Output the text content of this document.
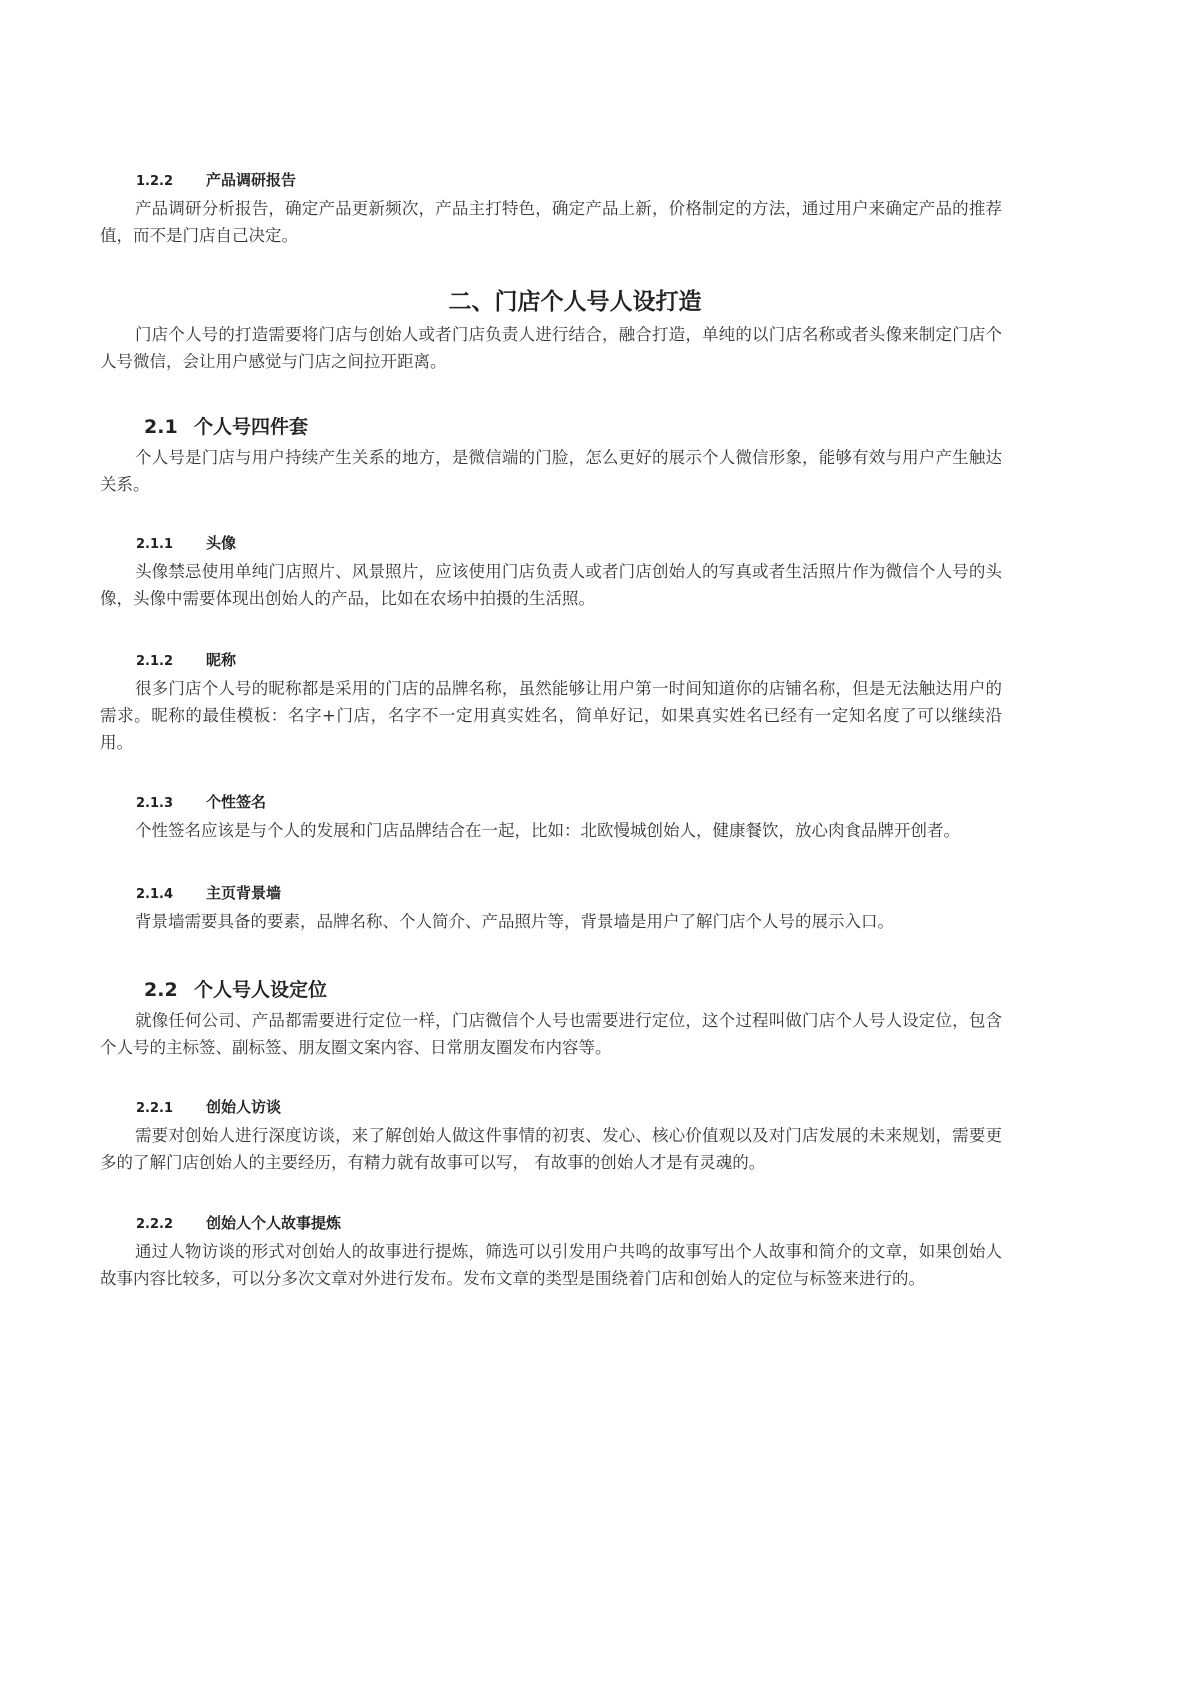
1.2.2 产品调研报告
产品调研分析报告，确定产品更新频次，产品主打特色，确定产品上新，价格制定的方法，通过用户来确定产品的推荐值，而不是门店自己决定。
二、门店个人号人设打造
门店个人号的打造需要将门店与创始人或者门店负责人进行结合，融合打造，单纯的以门店名称或者头像来制定门店个人号微信，会让用户感觉与门店之间拉开距离。
2.1 个人号四件套
个人号是门店与用户持续产生关系的地方，是微信端的门脸，怎么更好的展示个人微信形象，能够有效与用户产生触达关系。
2.1.1 头像
头像禁忌使用单纯门店照片、风景照片，应该使用门店负责人或者门店创始人的写真或者生活照片作为微信个人号的头像，头像中需要体现出创始人的产品，比如在农场中拍摄的生活照。
2.1.2 昵称
很多门店个人号的昵称都是采用的门店的品牌名称，虽然能够让用户第一时间知道你的店铺名称，但是无法触达用户的需求。昵称的最佳模板：名字+门店，名字不一定用真实姓名，简单好记，如果真实姓名已经有一定知名度了可以继续沿用。
2.1.3 个性签名
个性签名应该是与个人的发展和门店品牌结合在一起，比如：北欧慢城创始人，健康餐饮，放心肉食品牌开创者。
2.1.4 主页背景墙
背景墙需要具备的要素，品牌名称、个人简介、产品照片等，背景墙是用户了解门店个人号的展示入口。
2.2 个人号人设定位
就像任何公司、产品都需要进行定位一样，门店微信个人号也需要进行定位，这个过程叫做门店个人号人设定位，包含个人号的主标签、副标签、朋友圈文案内容、日常朋友圈发布内容等。
2.2.1 创始人访谈
需要对创始人进行深度访谈，来了解创始人做这件事情的初衷、发心、核心价值观以及对门店发展的未来规划，需要更多的了解门店创始人的主要经历，有精力就有故事可以写， 有故事的创始人才是有灵魂的。
2.2.2 创始人个人故事提炼
通过人物访谈的形式对创始人的故事进行提炼，筛选可以引发用户共鸣的故事写出个人故事和简介的文章，如果创始人故事内容比较多，可以分多次文章对外进行发布。发布文章的类型是围绕着门店和创始人的定位与标签来进行的。
